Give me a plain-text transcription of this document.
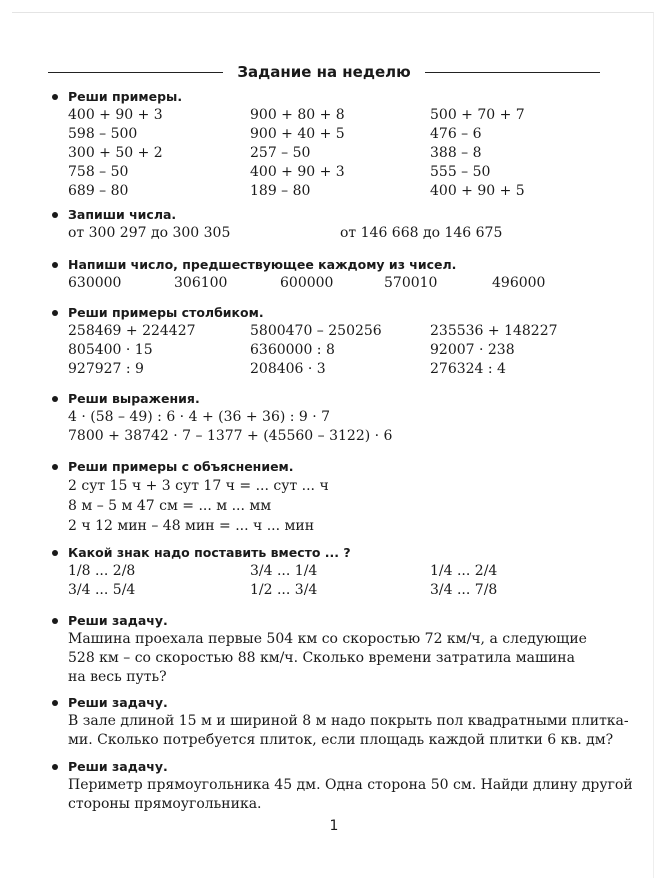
Задание на неделю
Реши примеры.
400 + 90 + 3	900 + 80 + 8	500 + 70 + 7
598 – 500	900 + 40 + 5	476 – 6
300 + 50 + 2	257 – 50	388 – 8
758 – 50	400 + 90 + 3	555 – 50
689 – 80	189 – 80	400 + 90 + 5
Запиши числа.
от 300 297 до 300 305	от 146 668 до 146 675
Напиши число, предшествующее каждому из чисел.
630000	306100	600000	570010	496000
Реши примеры столбиком.
258469 + 224427	5800470 – 250256	235536 + 148227
805400 · 15	6360000 : 8	92007 · 238
927927 : 9	208406 · 3	276324 : 4
Реши выражения.
4 · (58 – 49) : 6 · 4 + (36 + 36) : 9 · 7
7800 + 38742 · 7 – 1377 + (45560 – 3122) · 6
Реши примеры с объяснением.
2 сут 15 ч + 3 сут 17 ч = ... сут ... ч
8 м – 5 м 47 см = ... м ... мм
2 ч 12 мин – 48 мин = ... ч ... мин
Какой знак надо поставить вместо ... ?
1/8 ... 2/8	3/4 ... 1/4	1/4 ... 2/4
3/4 ... 5/4	1/2 ... 3/4	3/4 ... 7/8
Реши задачу.
Машина проехала первые 504 км со скоростью 72 км/ч, а следующие
528 км – со скоростью 88 км/ч. Сколько времени затратила машина
на весь путь?
Реши задачу.
В зале длиной 15 м и шириной 8 м надо покрыть пол квадратными плитка-
ми. Сколько потребуется плиток, если площадь каждой плитки 6 кв. дм?
Реши задачу.
Периметр прямоугольника 45 дм. Одна сторона 50 см. Найди длину другой
стороны прямоугольника.
1
